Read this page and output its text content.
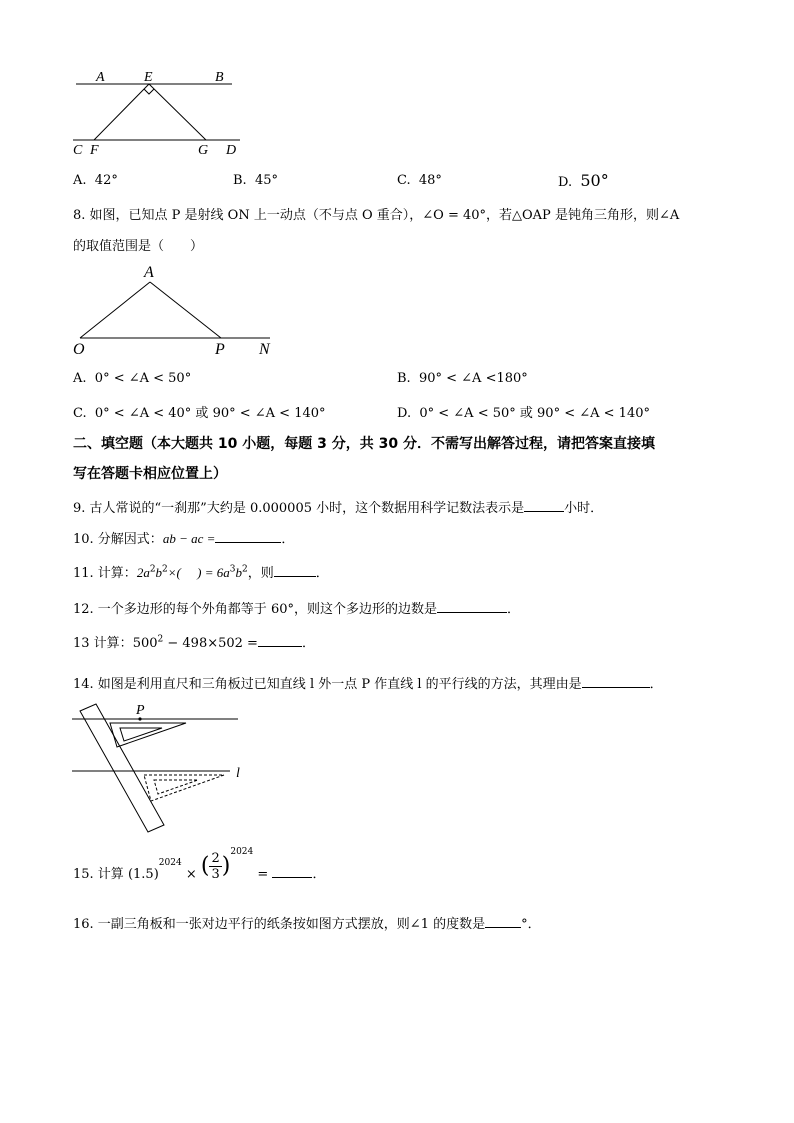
A	E	B
C F	G D
A. 42°	B. 45°	C. 48°	D. 50°
8. 如图，已知点 P 是射线 ON 上一动点（不与点 O 重合），∠O = 40°，若△OAP 是钝角三角形，则∠A
的取值范围是（　　）
A
O	P N
A. 0° < ∠A < 50°	B. 90° < ∠A <180°
C. 0° < ∠A < 40° 或 90° < ∠A < 140°	D. 0° < ∠A < 50° 或 90° < ∠A < 140°
二、填空题（本大题共 10 小题，每题 3 分，共 30 分．不需写出解答过程，请把答案直接填
写在答题卡相应位置上）
9. 古人常说的“一刹那”大约是 0.000005 小时，这个数据用科学记数法表示是	小时．
10. 分解因式：ab − ac =	．
11. 计算：$2a^2b^2\times$(　 ) = $6a^3b^2$，则	．
12. 一个多边形的每个外角都等于 60°，则这个多边形的边数是	．
13 计算：$500^2 - 498\times 502$ =	．
14. 如图是利用直尺和三角板过已知直线 l 外一点 P 作直线 l 的平行线的方法，其理由是	．
P
l
15. 计算 $(1.5)^{2024}$ × ( $\frac{2}{3} )^{2024}$ =	．
16. 一副三角板和一张对边平行的纸条按如图方式摆放，则∠1 的度数是	°．
